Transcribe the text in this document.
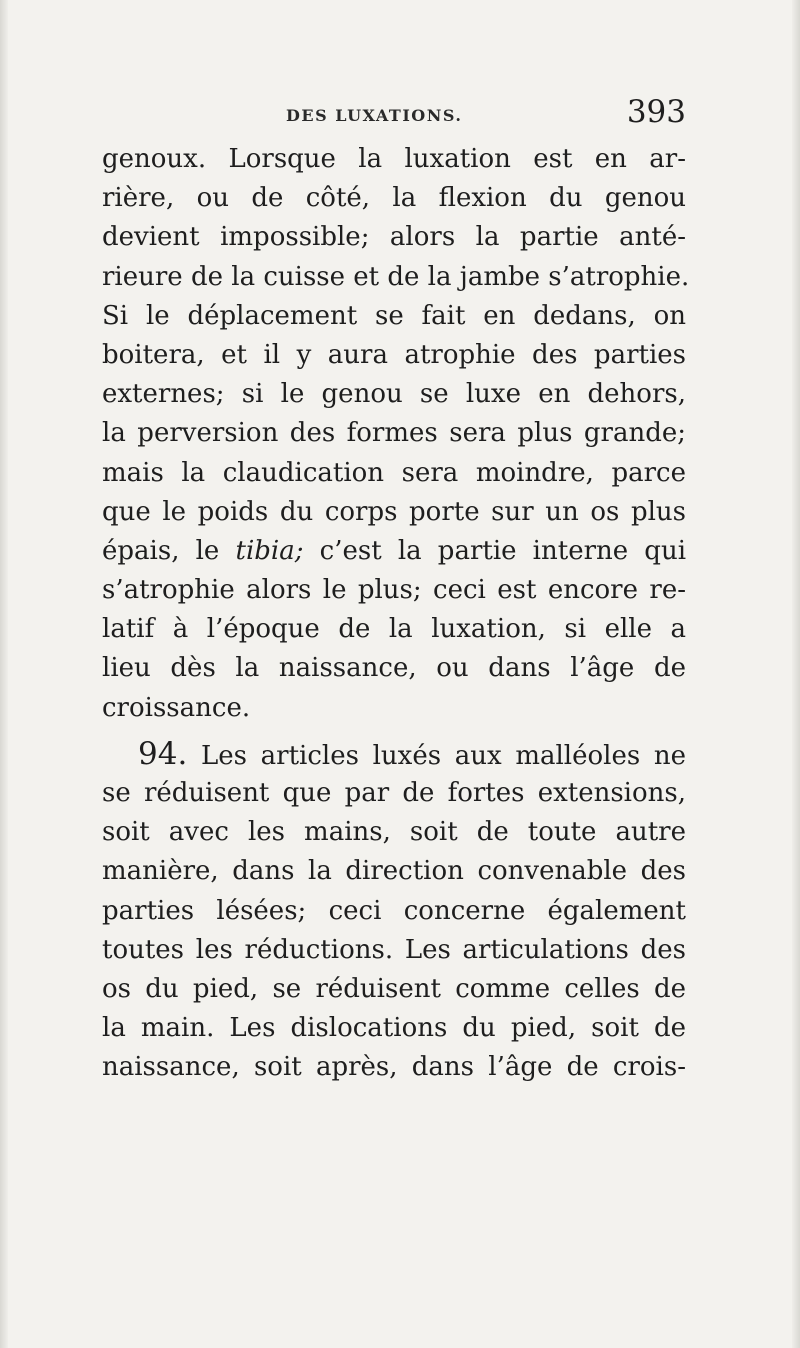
DES LUXATIONS.	393
genoux. Lorsque la luxation est en ar-
rière, ou de côté, la flexion du genou
devient impossible; alors la partie anté-
rieure de la cuisse et de la jambe s’atrophie.
Si le déplacement se fait en dedans, on
boitera, et il y aura atrophie des parties
externes; si le genou se luxe en dehors,
la perversion des formes sera plus grande;
mais la claudication sera moindre, parce
que le poids du corps porte sur un os plus
épais, le tibia; c’est la partie interne qui
s’atrophie alors le plus; ceci est encore re-
latif à l’époque de la luxation, si elle a
lieu dès la naissance, ou dans l’âge de
croissance.
94. Les articles luxés aux malléoles ne
se réduisent que par de fortes extensions,
soit avec les mains, soit de toute autre
manière, dans la direction convenable des
parties lésées; ceci concerne également
toutes les réductions. Les articulations des
os du pied, se réduisent comme celles de
la main. Les dislocations du pied, soit de
naissance, soit après, dans l’âge de crois-
